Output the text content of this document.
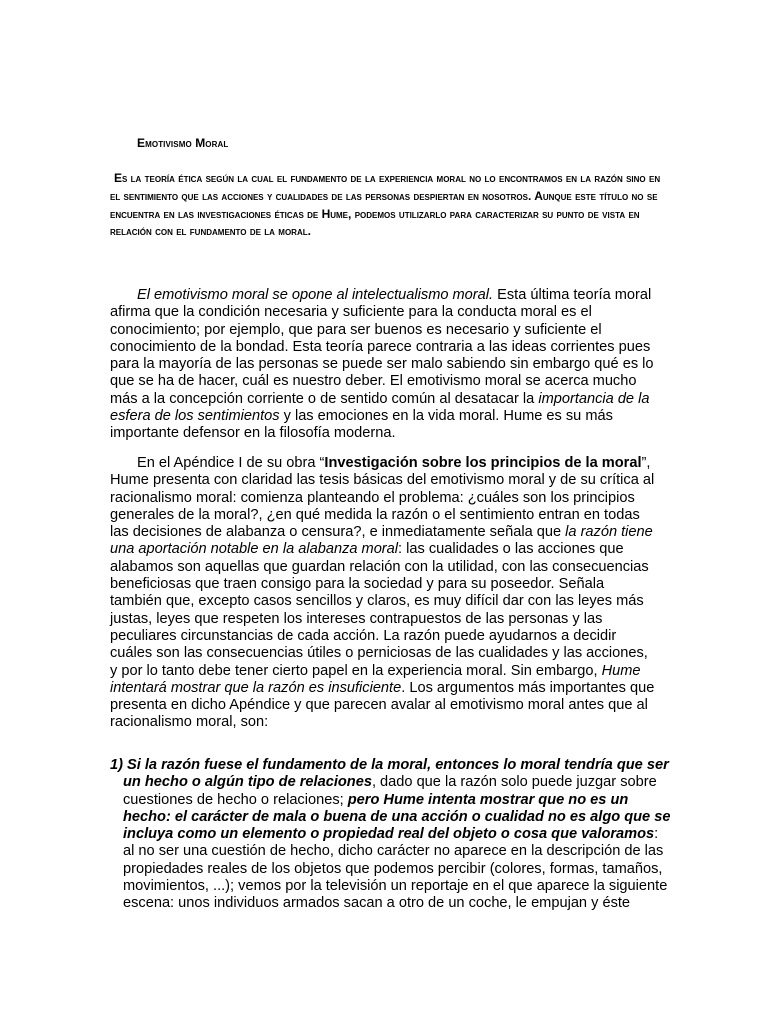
Emotivismo Moral

Es la teoría ética según la cual el fundamento de la experiencia moral no lo encontramos en la razón sino en el sentimiento que las acciones y cualidades de las personas despiertan en nosotros. Aunque este título no se encuentra en las investigaciones éticas de Hume, podemos utilizarlo para caracterizar su punto de vista en relación con el fundamento de la moral.

El emotivismo moral se opone al intelectualismo moral. Esta última teoría moral afirma que la condición necesaria y suficiente para la conducta moral es el conocimiento; por ejemplo, que para ser buenos es necesario y suficiente el conocimiento de la bondad. Esta teoría parece contraria a las ideas corrientes pues para la mayoría de las personas se puede ser malo sabiendo sin embargo qué es lo que se ha de hacer, cuál es nuestro deber. El emotivismo moral se acerca mucho más a la concepción corriente o de sentido común al desatacar la importancia de la esfera de los sentimientos y las emociones en la vida moral. Hume es su más importante defensor en la filosofía moderna.

En el Apéndice I de su obra “Investigación sobre los principios de la moral”, Hume presenta con claridad las tesis básicas del emotivismo moral y de su crítica al racionalismo moral: comienza planteando el problema: ¿cuáles son los principios generales de la moral?, ¿en qué medida la razón o el sentimiento entran en todas las decisiones de alabanza o censura?, e inmediatamente señala que la razón tiene una aportación notable en la alabanza moral: las cualidades o las acciones que alabamos son aquellas que guardan relación con la utilidad, con las consecuencias beneficiosas que traen consigo para la sociedad y para su poseedor. Señala también que, excepto casos sencillos y claros, es muy difícil dar con las leyes más justas, leyes que respeten los intereses contrapuestos de las personas y las peculiares circunstancias de cada acción. La razón puede ayudarnos a decidir cuáles son las consecuencias útiles o perniciosas de las cualidades y las acciones, y por lo tanto debe tener cierto papel en la experiencia moral. Sin embargo, Hume intentará mostrar que la razón es insuficiente. Los argumentos más importantes que presenta en dicho Apéndice y que parecen avalar al emotivismo moral antes que al racionalismo moral, son:

1) Si la razón fuese el fundamento de la moral, entonces lo moral tendría que ser un hecho o algún tipo de relaciones, dado que la razón solo puede juzgar sobre cuestiones de hecho o relaciones; pero Hume intenta mostrar que no es un hecho: el carácter de mala o buena de una acción o cualidad no es algo que se incluya como un elemento o propiedad real del objeto o cosa que valoramos: al no ser una cuestión de hecho, dicho carácter no aparece en la descripción de las propiedades reales de los objetos que podemos percibir (colores, formas, tamaños, movimientos, ...); vemos por la televisión un reportaje en el que aparece la siguiente escena: unos individuos armados sacan a otro de un coche, le empujan y éste
